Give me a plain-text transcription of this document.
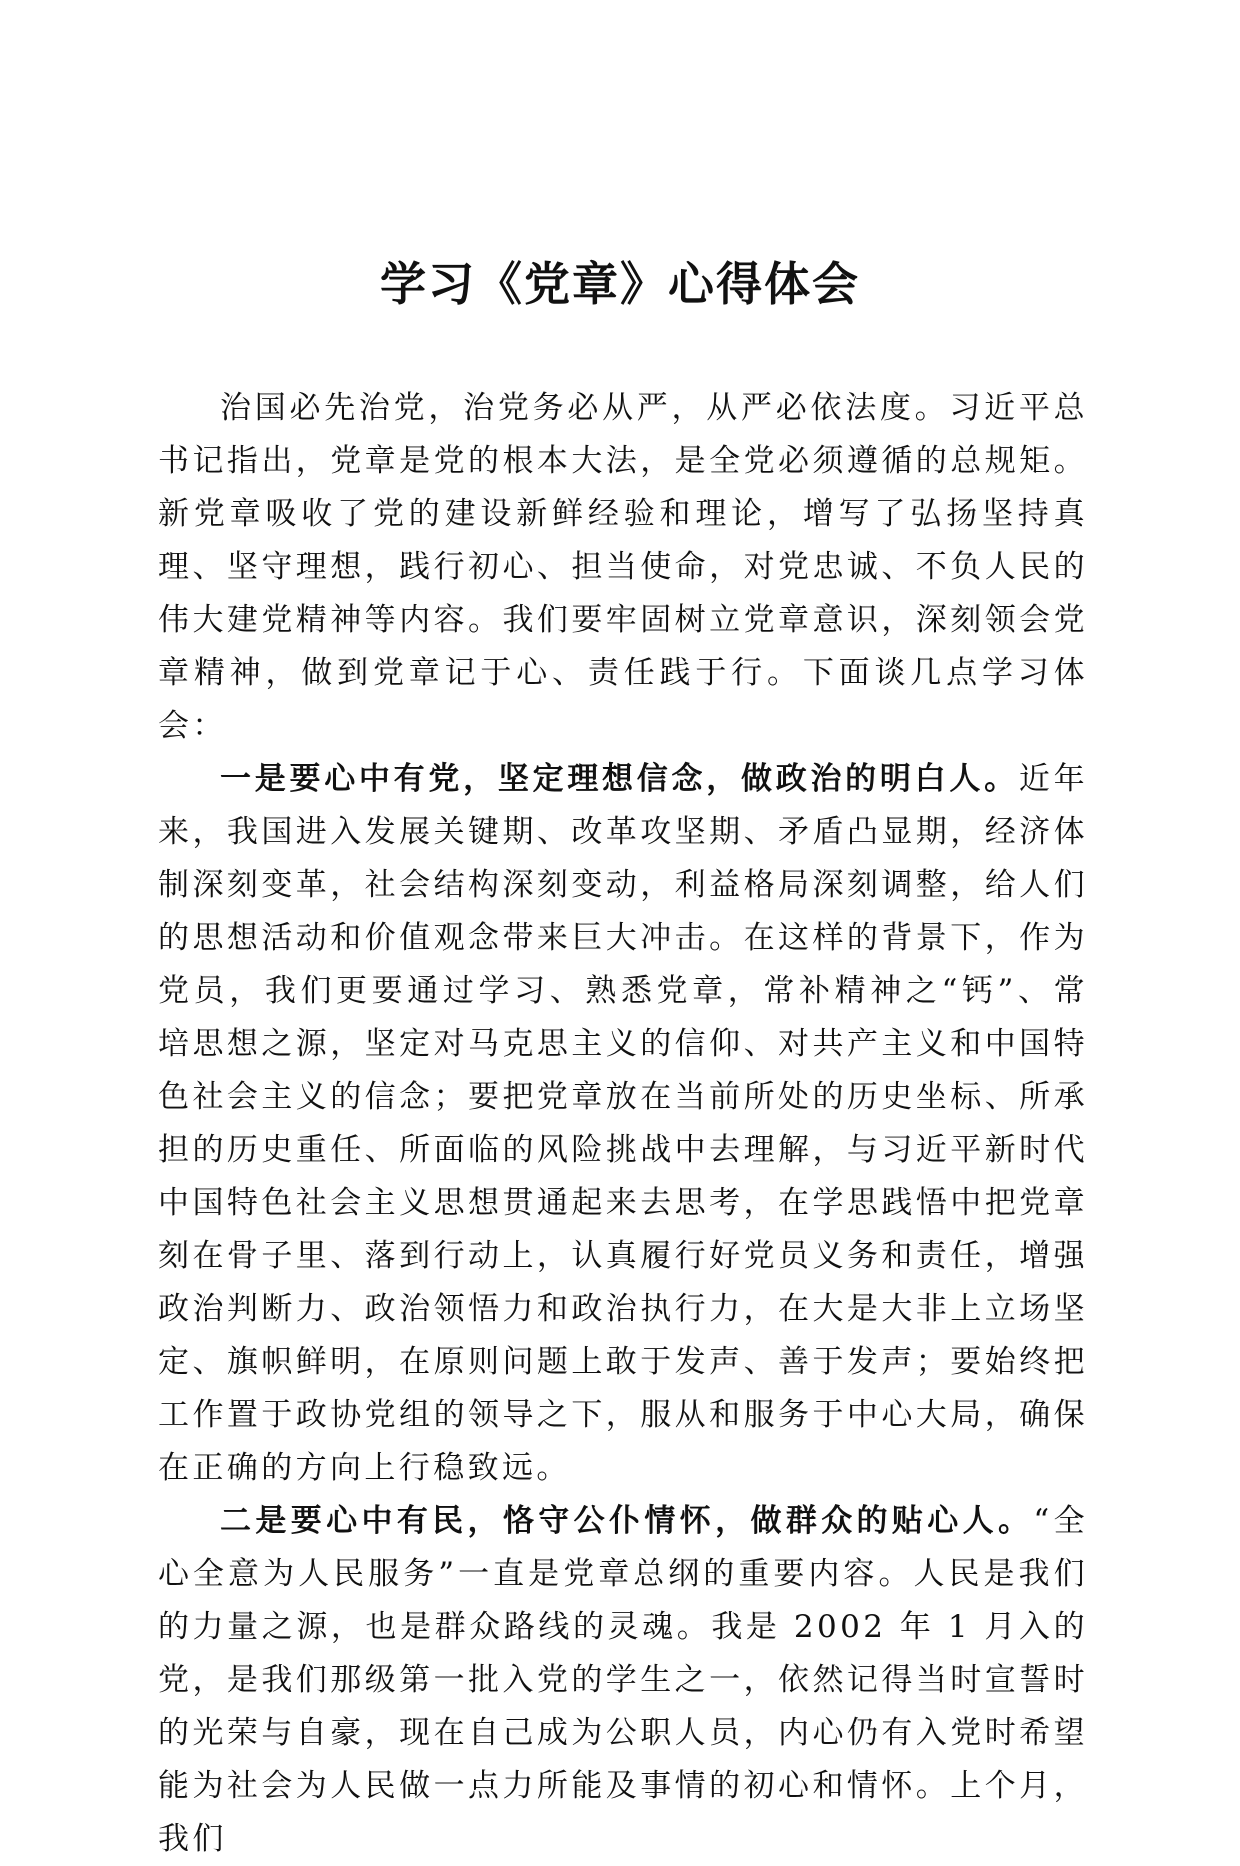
学习《党章》心得体会

治国必先治党，治党务必从严，从严必依法度。习近平总书记指出，党章是党的根本大法，是全党必须遵循的总规矩。新党章吸收了党的建设新鲜经验和理论，增写了弘扬坚持真理、坚守理想，践行初心、担当使命，对党忠诚、不负人民的伟大建党精神等内容。我们要牢固树立党章意识，深刻领会党章精神，做到党章记于心、责任践于行。下面谈几点学习体会：

一是要心中有党，坚定理想信念，做政治的明白人。近年来，我国进入发展关键期、改革攻坚期、矛盾凸显期，经济体制深刻变革，社会结构深刻变动，利益格局深刻调整，给人们的思想活动和价值观念带来巨大冲击。在这样的背景下，作为党员，我们更要通过学习、熟悉党章，常补精神之“钙”、常培思想之源，坚定对马克思主义的信仰、对共产主义和中国特色社会主义的信念；要把党章放在当前所处的历史坐标、所承担的历史重任、所面临的风险挑战中去理解，与习近平新时代中国特色社会主义思想贯通起来去思考，在学思践悟中把党章刻在骨子里、落到行动上，认真履行好党员义务和责任，增强政治判断力、政治领悟力和政治执行力，在大是大非上立场坚定、旗帜鲜明，在原则问题上敢于发声、善于发声；要始终把工作置于政协党组的领导之下，服从和服务于中心大局，确保在正确的方向上行稳致远。

二是要心中有民，恪守公仆情怀，做群众的贴心人。“全心全意为人民服务”一直是党章总纲的重要内容。人民是我们的力量之源，也是群众路线的灵魂。我是 2002 年 1 月入的党，是我们那级第一批入党的学生之一，依然记得当时宣誓时的光荣与自豪，现在自己成为公职人员，内心仍有入党时希望能为社会为人民做一点力所能及事情的初心和情怀。上个月，我们
